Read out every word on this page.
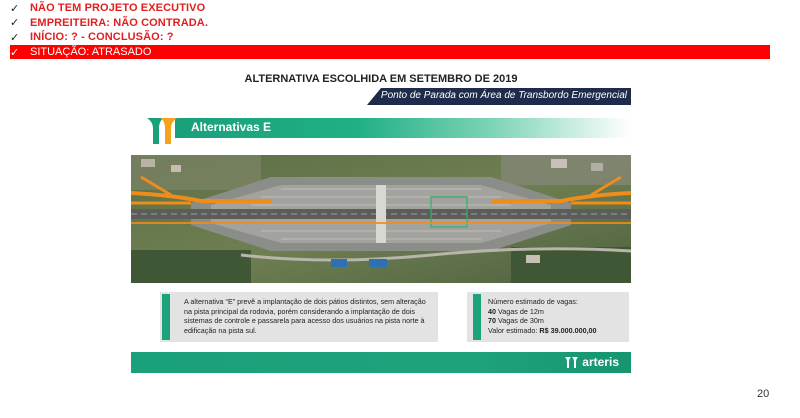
✓ NÃO TEM PROJETO EXECUTIVO
✓ EMPREITEIRA: NÃO CONTRADA.
✓ INÍCIO: ? - CONCLUSÃO: ?
✓ SITUAÇÃO: ATRASADO
ALTERNATIVA ESCOLHIDA EM SETEMBRO DE 2019
Ponto de Parada com Área de Transbordo Emergencial
Alternativas E
A alternativa “E” prevê a implantação de dois pátios distintos, sem alteração na pista principal da rodovia, porém considerando a implantação de dois sistemas de controle e passarela para acesso dos usuários na pista norte à edificação na pista sul.
Número estimado de vagas:
40 Vagas de 12m
70 Vagas de 30m
Valor estimado: R$ 39.000.000,00
arteris
20
